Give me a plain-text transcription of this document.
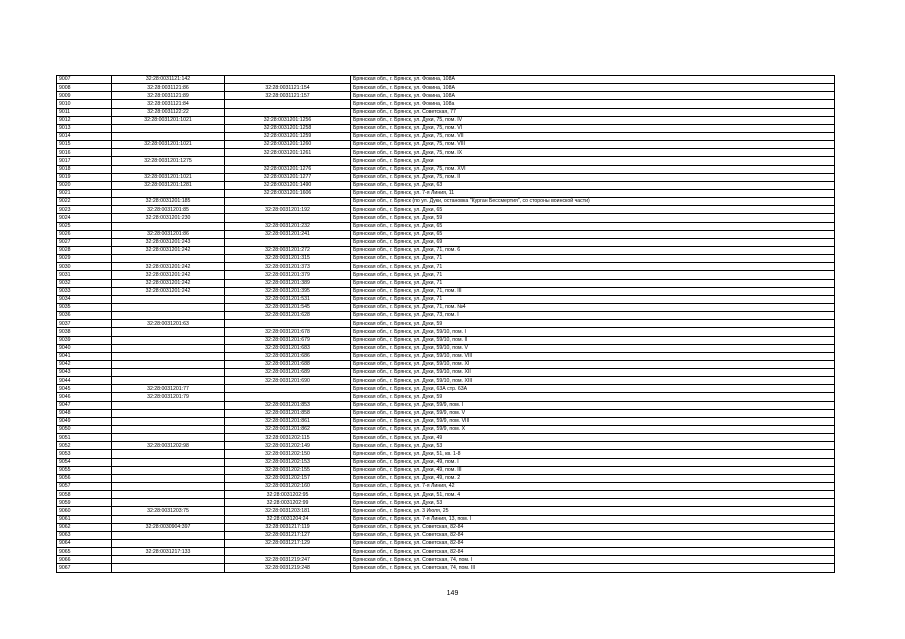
9007	32:28:0031121:142		Брянская обл., г. Брянск, ул. Фокина, 108А
9008	32:28:0031121:86	32:28:0031121:154	Брянская обл., г. Брянск, ул. Фокина, 108А
9009	32:28:0031121:89	32:28:0031121:157	Брянская обл., г. Брянск, ул. Фокина, 108А
9010	32:28:0031121:84		Брянская обл., г. Брянск, ул. Фокина, 108а
9011	32:28:0031122:22		Брянская обл., г. Брянск, ул. Советская, 77
9012	32:28:0031201:1021	32:28:0031201:1256	Брянская обл., г. Брянск, ул. Дуки, 75, пом. IV
9013		32:28:0031201:1258	Брянская обл., г. Брянск, ул. Дуки, 75, пом. VI
9014		32:28:0031201:1259	Брянская обл., г. Брянск, ул. Дуки, 75, пом. VII
9015	32:28:0031201:1021	32:28:0031201:1260	Брянская обл., г. Брянск, ул. Дуки, 75, пом. VIII
9016		32:28:0031201:1261	Брянская обл., г. Брянск, ул. Дуки, 75, пом. IX
9017	32:28:0031201:1275		Брянская обл., г. Брянск, ул. Дуки
9018		32:28:0031201:1276	Брянская обл., г. Брянск, ул. Дуки, 75, пом. XVI
9019	32:28:0031201:1021	32:28:0031201:1277	Брянская обл., г. Брянск, ул. Дуки, 75, пом. II
9020	32:28:0031201:1281	32:28:0031201:1490	Брянская обл., г. Брянск, ул. Дуки, 63
9021		32:28:0031201:1606	Брянская обл., г. Брянск, ул. 7-я Линия, 11
9022	32:28:0031201:185		Брянская обл., г. Брянск (по ул. Дуки, остановка "Курган Бессмертия", со стороны воинской части)
9023	32:28:0031201:85	32:28:0031201:192	Брянская обл., г. Брянск, ул. Дуки, 65
9024	32:28:0031201:230		Брянская обл., г. Брянск, ул. Дуки, 59
9025		32:28:0031201:232	Брянская обл., г. Брянск, ул. Дуки, 65
9026	32:28:0031201:86	32:28:0031201:241	Брянская обл., г. Брянск, ул. Дуки, 65
9027	32:28:0031201:243		Брянская обл., г. Брянск, ул. Дуки, 69
9028	32:28:0031201:242	32:28:0031201:272	Брянская обл., г. Брянск, ул. Дуки, 71, пом. 6
9029		32:28:0031201:315	Брянская обл., г. Брянск, ул. Дуки, 71
9030	32:28:0031201:242	32:28:0031201:373	Брянская обл., г. Брянск, ул. Дуки, 71
9031	32:28:0031201:242	32:28:0031201:379	Брянская обл., г. Брянск, ул. Дуки, 71
9032	32:28:0031201:242	32:28:0031201:389	Брянская обл., г. Брянск, ул. Дуки, 71
9033	32:28:0031201:242	32:28:0031201:395	Брянская обл., г. Брянск, ул. Дуки, 71, пом. III
9034		32:28:0031201:531	Брянская обл., г. Брянск, ул. Дуки, 71
9035		32:28:0031201:545	Брянская обл., г. Брянск, ул. Дуки, 71, пом. №4
9036		32:28:0031201:628	Брянская обл., г. Брянск, ул. Дуки, 73, пом. I
9037	32:28:0031201:63		Брянская обл., г. Брянск, ул. Дуки, 59
9038		32:28:0031201:678	Брянская обл., г. Брянск, ул. Дуки, 59/10, пом. I
9039		32:28:0031201:679	Брянская обл., г. Брянск, ул. Дуки, 59/10, пом. II
9040		32:28:0031201:683	Брянская обл., г. Брянск, ул. Дуки, 59/10, пом. V
9041		32:28:0031201:686	Брянская обл., г. Брянск, ул. Дуки, 59/10, пом. VIII
9042		32:28:0031201:688	Брянская обл., г. Брянск, ул. Дуки, 59/10, пом. XI
9043		32:28:0031201:689	Брянская обл., г. Брянск, ул. Дуки, 59/10, пом. XII
9044		32:28:0031201:690	Брянская обл., г. Брянск, ул. Дуки, 59/10, пом. XIII
9045	32:28:0031201:77		Брянская обл., г. Брянск, ул. Дуки, 63А стр. 63А
9046	32:28:0031201:79		Брянская обл., г. Брянск, ул. Дуки, 59
9047		32:28:0031201:853	Брянская обл., г. Брянск, ул. Дуки, 59/9, пом. I
9048		32:28:0031201:858	Брянская обл., г. Брянск, ул. Дуки, 59/9, пом. V
9049		32:28:0031201:861	Брянская обл., г. Брянск, ул. Дуки, 59/9, пом. VIII
9050		32:28:0031201:862	Брянская обл., г. Брянск, ул. Дуки, 59/9, пом. X
9051		32:28:0031202:115	Брянская обл., г. Брянск, ул. Дуки, 49
9052	32:28:0031202:98	32:28:0031202:149	Брянская обл., г. Брянск, ул. Дуки, 53
9053		32:28:0031202:150	Брянская обл., г. Брянск, ул. Дуки, 51, кв. 1-8
9054		32:28:0031202:153	Брянская обл., г. Брянск, ул. Дуки, 49, пом. I
9055		32:28:0031202:155	Брянская обл., г. Брянск, ул. Дуки, 49, пом. III
9056		32:28:0031202:157	Брянская обл., г. Брянск, ул. Дуки, 49, пом. 2
9057		32:28:0031202:160	Брянская обл., г. Брянск, ул. 7-я Линия, 42
9058		32:28:0031202:95	Брянская обл., г. Брянск, ул. Дуки, 51, пом. 4
9059		32:28:0031202:99	Брянская обл., г. Брянск, ул. Дуки, 53
9060	32:28:0031203:75	32:28:0031203:181	Брянская обл., г. Брянск, ул. 3 Июля, 25
9061		32:28:0031204:24	Брянская обл., г. Брянск, ул. 7-я Линия, 13, пом. I
9062	32:28:0030904:397	32:28:0031217:119	Брянская обл., г. Брянск, ул. Советская, 82-84
9063		32:28:0031217:127	Брянская обл., г. Брянск, ул. Советская, 82-84
9064		32:28:0031217:129	Брянская обл., г. Брянск, ул. Советская, 82-84
9065	32:28:0031217:133		Брянская обл., г. Брянск, ул. Советская, 82-84
9066		32:28:0031219:247	Брянская обл., г. Брянск, ул. Советская, 74, пом. I
9067		32:28:0031219:248	Брянская обл., г. Брянск, ул. Советская, 74, пом. III
149
